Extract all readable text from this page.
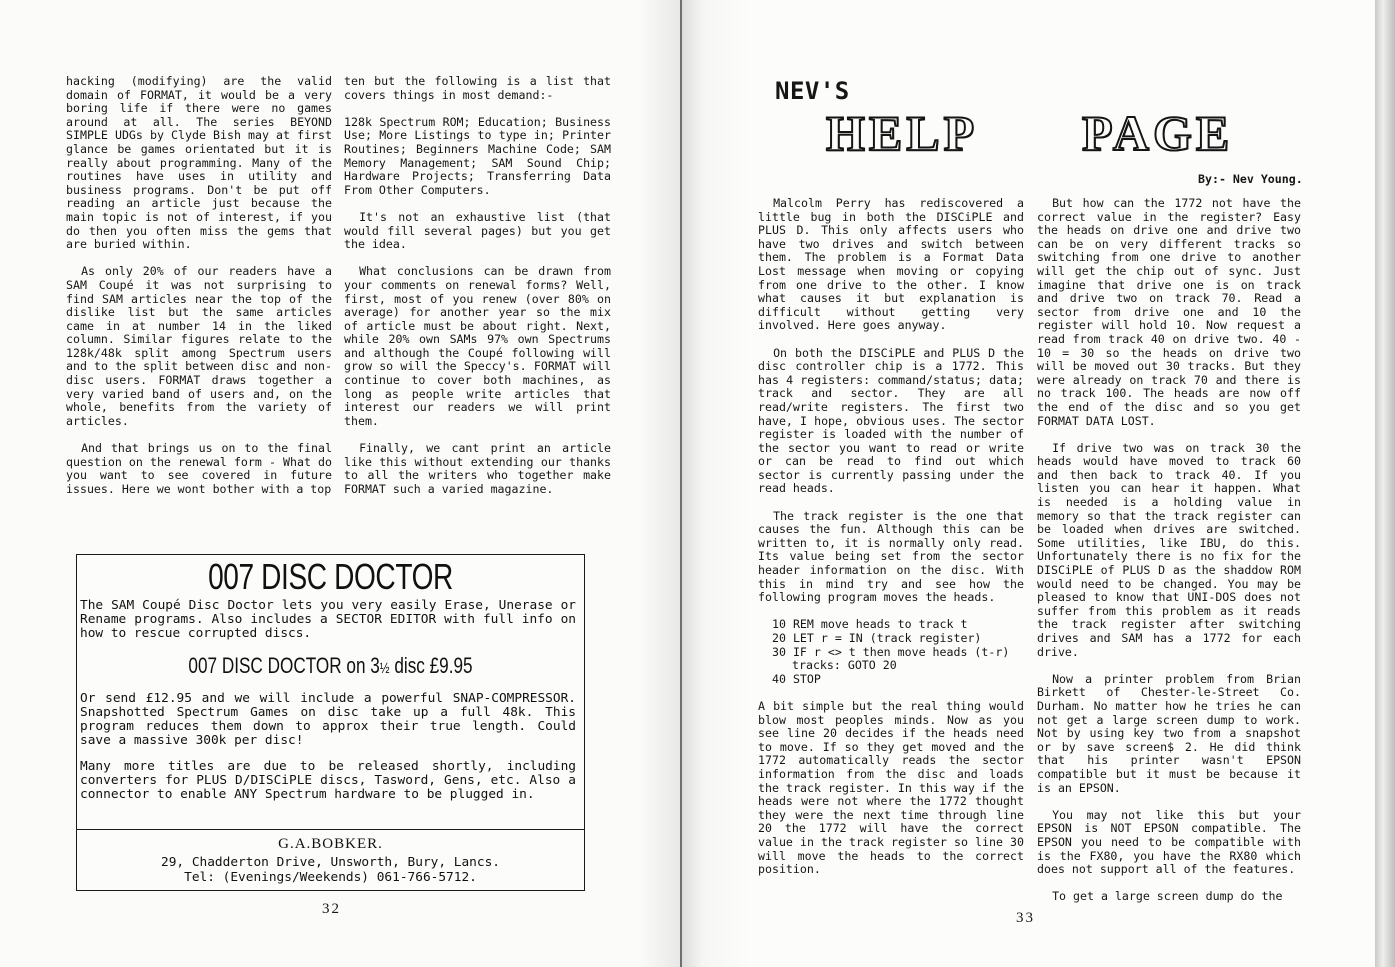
hacking (modifying) are the valid domain of FORMAT, it would be a very boring life if there were no games around at all. The series BEYOND SIMPLE UDGs by Clyde Bish may at first glance be games orientated but it is really about programming. Many of the routines have uses in utility and business programs. Don't be put off reading an article just because the main topic is not of interest, if you do then you often miss the gems that are buried within.

As only 20% of our readers have a SAM Coupé it was not surprising to find SAM articles near the top of the dislike list but the same articles came in at number 14 in the liked column. Similar figures relate to the 128k/48k split among Spectrum users and to the split between disc and non-disc users. FORMAT draws together a very varied band of users and, on the whole, benefits from the variety of articles.

And that brings us on to the final question on the renewal form - What do you want to see covered in future issues. Here we wont bother with a top

ten but the following is a list that covers things in most demand:-

128k Spectrum ROM; Education; Business Use; More Listings to type in; Printer Routines; Beginners Machine Code; SAM Memory Management; SAM Sound Chip; Hardware Projects; Transferring Data From Other Computers.

It's not an exhaustive list (that would fill several pages) but you get the idea.

What conclusions can be drawn from your comments on renewal forms? Well, first, most of you renew (over 80% on average) for another year so the mix of article must be about right. Next, while 20% own SAMs 97% own Spectrums and although the Coupé following will grow so will the Speccy's. FORMAT will continue to cover both machines, as long as people write articles that interest our readers we will print them.

Finally, we cant print an article like this without extending our thanks to all the writers who together make FORMAT such a varied magazine.

007 DISC DOCTOR
The SAM Coupé Disc Doctor lets you very easily Erase, Unerase or Rename programs. Also includes a SECTOR EDITOR with full info on how to rescue corrupted discs.
007 DISC DOCTOR on 3½ disc £9.95
Or send £12.95 and we will include a powerful SNAP-COMPRESSOR. Snapshotted Spectrum Games on disc take up a full 48k. This program reduces them down to approx their true length. Could save a massive 300k per disc!
Many more titles are due to be released shortly, including converters for PLUS D/DISCiPLE discs, Tasword, Gens, etc. Also a connector to enable ANY Spectrum hardware to be plugged in.
G.A.BOBKER.
29, Chadderton Drive, Unsworth, Bury, Lancs.
Tel: (Evenings/Weekends) 061-766-5712.
32
NEV'S
HELP PAGE
By:- Nev Young.

Malcolm Perry has rediscovered a little bug in both the DISCiPLE and PLUS D. This only affects users who have two drives and switch between them. The problem is a Format Data Lost message when moving or copying from one drive to the other. I know what causes it but explanation is difficult without getting very involved. Here goes anyway.

On both the DISCiPLE and PLUS D the disc controller chip is a 1772. This has 4 registers: command/status; data; track and sector. They are all read/write registers. The first two have, I hope, obvious uses. The sector register is loaded with the number of the sector you want to read or write or can be read to find out which sector is currently passing under the read heads.

The track register is the one that causes the fun. Although this can be written to, it is normally only read. Its value being set from the sector header information on the disc. With this in mind try and see how the following program moves the heads.

10 REM move heads to track t
20 LET r = IN (track register)
30 IF r <> t then move heads (t-r)
tracks: GOTO 20
40 STOP

A bit simple but the real thing would blow most peoples minds. Now as you see line 20 decides if the heads need to move. If so they get moved and the 1772 automatically reads the sector information from the disc and loads the track register. In this way if the heads were not where the 1772 thought they were the next time through line 20 the 1772 will have the correct value in the track register so line 30 will move the heads to the correct position.

But how can the 1772 not have the correct value in the register? Easy the heads on drive one and drive two can be on very different tracks so switching from one drive to another will get the chip out of sync. Just imagine that drive one is on track and drive two on track 70. Read a sector from drive one and 10 the register will hold 10. Now request a read from track 40 on drive two. 40 - 10 = 30 so the heads on drive two will be moved out 30 tracks. But they were already on track 70 and there is no track 100. The heads are now off the end of the disc and so you get FORMAT DATA LOST.

If drive two was on track 30 the heads would have moved to track 60 and then back to track 40. If you listen you can hear it happen. What is needed is a holding value in memory so that the track register can be loaded when drives are switched. Some utilities, like IBU, do this. Unfortunately there is no fix for the DISCiPLE of PLUS D as the shaddow ROM would need to be changed. You may be pleased to know that UNI-DOS does not suffer from this problem as it reads the track register after switching drives and SAM has a 1772 for each drive.

Now a printer problem from Brian Birkett of Chester-le-Street Co. Durham. No matter how he tries he can not get a large screen dump to work. Not by using key two from a snapshot or by save screen$ 2. He did think that his printer wasn't EPSON compatible but it must be because it is an EPSON.

You may not like this but your EPSON is NOT EPSON compatible. The EPSON you need to be compatible with is the FX80, you have the RX80 which does not support all of the features.

To get a large screen dump do the

33
